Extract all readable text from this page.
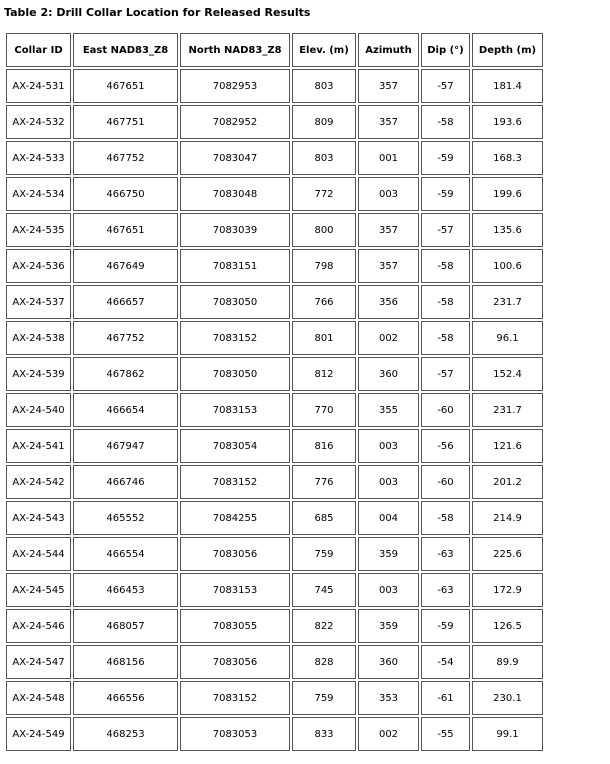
Table 2: Drill Collar Location for Released Results
Collar ID	East NAD83_Z8	North NAD83_Z8	Elev. (m)	Azimuth	Dip (°)	Depth (m)
AX-24-531	467651	7082953	803	357	-57	181.4
AX-24-532	467751	7082952	809	357	-58	193.6
AX-24-533	467752	7083047	803	001	-59	168.3
AX-24-534	466750	7083048	772	003	-59	199.6
AX-24-535	467651	7083039	800	357	-57	135.6
AX-24-536	467649	7083151	798	357	-58	100.6
AX-24-537	466657	7083050	766	356	-58	231.7
AX-24-538	467752	7083152	801	002	-58	96.1
AX-24-539	467862	7083050	812	360	-57	152.4
AX-24-540	466654	7083153	770	355	-60	231.7
AX-24-541	467947	7083054	816	003	-56	121.6
AX-24-542	466746	7083152	776	003	-60	201.2
AX-24-543	465552	7084255	685	004	-58	214.9
AX-24-544	466554	7083056	759	359	-63	225.6
AX-24-545	466453	7083153	745	003	-63	172.9
AX-24-546	468057	7083055	822	359	-59	126.5
AX-24-547	468156	7083056	828	360	-54	89.9
AX-24-548	466556	7083152	759	353	-61	230.1
AX-24-549	468253	7083053	833	002	-55	99.1
